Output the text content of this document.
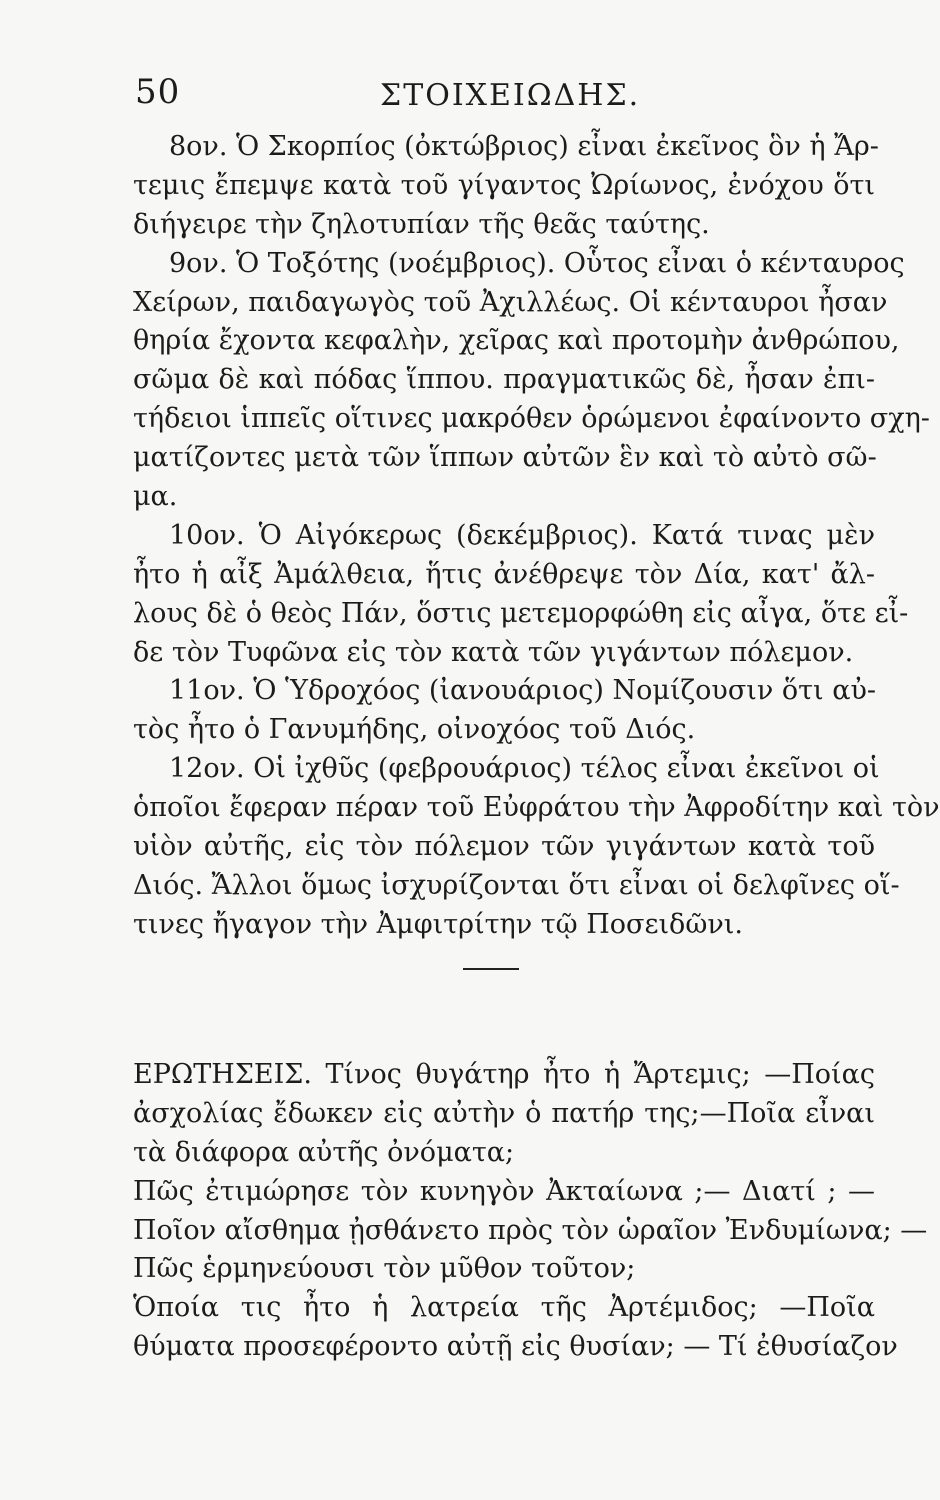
50	ΣΤΟΙΧΕΙΩΔΗΣ.
8ον. Ὁ Σκορπίος (ὀκτώβριος) εἶναι ἐκεῖνος ὃν ἡ Ἄρ-
τεμις ἔπεμψε κατὰ τοῦ γίγαντος Ὠρίωνος, ἐνόχου ὅτι
διήγειρε τὴν ζηλοτυπίαν τῆς θεᾶς ταύτης.
9ον. Ὁ Τοξότης (νοέμβριος). Οὗτος εἶναι ὁ κένταυρος
Χείρων, παιδαγωγὸς τοῦ Ἀχιλλέως. Οἱ κένταυροι ἦσαν
θηρία ἔχοντα κεφαλὴν, χεῖρας καὶ προτομὴν ἀνθρώπου,
σῶμα δὲ καὶ πόδας ἵππου. πραγματικῶς δὲ, ἦσαν ἐπι-
τήδειοι ἱππεῖς οἵτινες μακρόθεν ὁρώμενοι ἐφαίνοντο σχη-
ματίζοντες μετὰ τῶν ἵππων αὐτῶν ἓν καὶ τὸ αὐτὸ σῶ-
μα.
10ον. Ὁ Αἰγόκερως (δεκέμβριος). Κατά τινας μὲν
ἦτο ἡ αἶξ Ἀμάλθεια, ἥτις ἀνέθρεψε τὸν Δία, κατ' ἄλ-
λους δὲ ὁ θεὸς Πάν, ὅστις μετεμορφώθη εἰς αἶγα, ὅτε εἶ-
δε τὸν Τυφῶνα εἰς τὸν κατὰ τῶν γιγάντων πόλεμον.
11ον. Ὁ Ὑδροχόος (ἰανουάριος) Νομίζουσιν ὅτι αὐ-
τὸς ἦτο ὁ Γανυμήδης, οἰνοχόος τοῦ Διός.
12ον. Οἱ ἰχθῦς (φεβρουάριος) τέλος εἶναι ἐκεῖνοι οἱ
ὁποῖοι ἔφεραν πέραν τοῦ Εὐφράτου τὴν Ἀφροδίτην καὶ τὸν
υἱὸν αὐτῆς, εἰς τὸν πόλεμον τῶν γιγάντων κατὰ τοῦ
Διός. Ἄλλοι ὅμως ἰσχυρίζονται ὅτι εἶναι οἱ δελφῖνες οἵ-
τινες ἤγαγον τὴν Ἀμφιτρίτην τῷ Ποσειδῶνι.
ΕΡΩΤΗΣΕΙΣ. Τίνος θυγάτηρ ἦτο ἡ Ἄρτεμις; —Ποίας
ἀσχολίας ἔδωκεν εἰς αὐτὴν ὁ πατήρ της;—Ποῖα εἶναι
τὰ διάφορα αὐτῆς ὀνόματα;
Πῶς ἐτιμώρησε τὸν κυνηγὸν Ἀκταίωνα ;— Διατί ; —
Ποῖον αἴσθημα ᾐσθάνετο πρὸς τὸν ὡραῖον Ἐνδυμίωνα; —
Πῶς ἑρμηνεύουσι τὸν μῦθον τοῦτον;
Ὁποία τις ἦτο ἡ λατρεία τῆς Ἀρτέμιδος; —Ποῖα
θύματα προσεφέροντο αὐτῇ εἰς θυσίαν; — Τί ἐθυσίαζον
